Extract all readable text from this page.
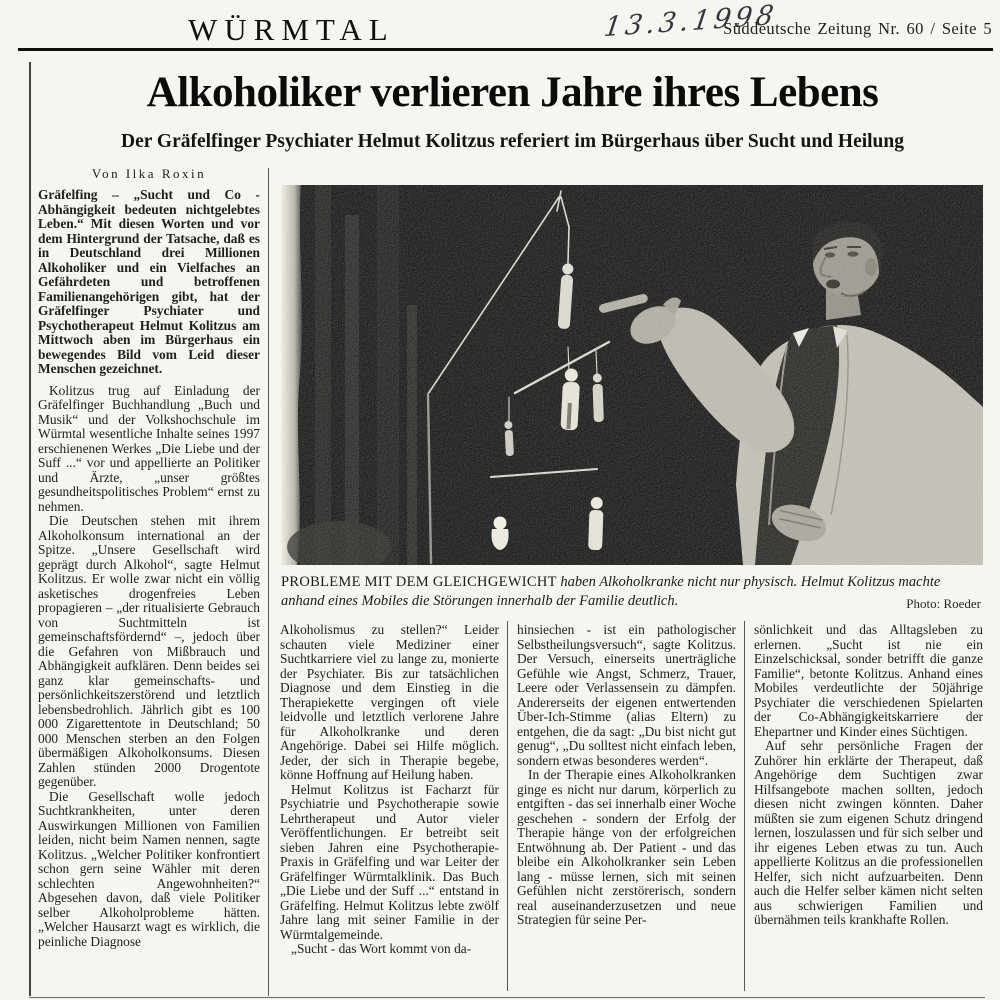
WÜRMTAL	13.3.1998
Süddeutsche Zeitung Nr. 60 / Seite 5
Alkoholiker verlieren Jahre ihres Lebens
Der Gräfelfinger Psychiater Helmut Kolitzus referiert im Bürgerhaus über Sucht und Heilung
Von Ilka Roxin

Gräfelfing – „Sucht und Co - Abhängigkeit bedeuten nichtgelebtes Leben.“ Mit diesen Worten und vor dem Hintergrund der Tatsache, daß es in Deutschland drei Millionen Alkoholiker und ein Vielfaches an Gefährdeten und betroffenen Familienangehörigen gibt, hat der Gräfelfinger Psychiater und Psychotherapeut Helmut Kolitzus am Mittwoch aben im Bürgerhaus ein bewegendes Bild vom Leid dieser Menschen gezeichnet.

Kolitzus trug auf Einladung der Gräfelfinger Buchhandlung „Buch und Musik“ und der Volkshochschule im Würmtal wesentliche Inhalte seines 1997 erschienenen Werkes „Die Liebe und der Suff ...“ vor und appellierte an Politiker und Ärzte, „unser größtes gesundheitspolitisches Problem“ ernst zu nehmen.

Die Deutschen stehen mit ihrem Alkoholkonsum international an der Spitze. „Unsere Gesellschaft wird geprägt durch Alkohol“, sagte Helmut Kolitzus. Er wolle zwar nicht ein völlig asketisches drogenfreies Leben propagieren – „der ritualisierte Gebrauch von Suchtmitteln ist gemeinschaftsfördernd“ –, jedoch über die Gefahren von Mißbrauch und Abhängigkeit aufklären. Denn beides sei ganz klar gemeinschafts- und persönlichkeitszerstörend und letztlich lebensbedrohlich. Jährlich gibt es 100 000 Zigarettentote in Deutschland; 50 000 Menschen sterben an den Folgen übermäßigen Alkoholkonsums. Diesen Zahlen stünden 2000 Drogentote gegenüber.

Die Gesellschaft wolle jedoch Suchtkrankheiten, unter deren Auswirkungen Millionen von Familien leiden, nicht beim Namen nennen, sagte Kolitzus. „Welcher Politiker konfrontiert schon gern seine Wähler mit deren schlechten Angewohnheiten?“ Abgesehen davon, daß viele Politiker selber Alkoholprobleme hätten. „Welcher Hausarzt wagt es wirklich, die peinliche Diagnose

PROBLEME MIT DEM GLEICHGEWICHT haben Alkoholkranke nicht nur physisch. Helmut Kolitzus machte anhand eines Mobiles die Störungen innerhalb der Familie deutlich.	Photo: Roeder

Alkoholismus zu stellen?“ Leider schauten viele Mediziner einer Suchtkarriere viel zu lange zu, monierte der Psychiater. Bis zur tatsächlichen Diagnose und dem Einstieg in die Therapiekette vergingen oft viele leidvolle und letztlich verlorene Jahre für Alkoholkranke und deren Angehörige. Dabei sei Hilfe möglich. Jeder, der sich in Therapie begebe, könne Hoffnung auf Heilung haben.

Helmut Kolitzus ist Facharzt für Psychiatrie und Psychotherapie sowie Lehrtherapeut und Autor vieler Veröffentlichungen. Er betreibt seit sieben Jahren eine Psychotherapie-Praxis in Gräfelfing und war Leiter der Gräfelfinger Würmtalklinik. Das Buch „Die Liebe und der Suff ...“ entstand in Gräfelfing. Helmut Kolitzus lebte zwölf Jahre lang mit seiner Familie in der Würmtalgemeinde.

„Sucht - das Wort kommt von da-

hinsiechen - ist ein pathologischer Selbstheilungsversuch“, sagte Kolitzus. Der Versuch, einerseits unerträgliche Gefühle wie Angst, Schmerz, Trauer, Leere oder Verlassensein zu dämpfen. Andererseits der eigenen entwertenden Über-Ich-Stimme (alias Eltern) zu entgehen, die da sagt: „Du bist nicht gut genug“, „Du solltest nicht einfach leben, sondern etwas besonderes werden“.

In der Therapie eines Alkoholkranken ginge es nicht nur darum, körperlich zu entgiften - das sei innerhalb einer Woche geschehen - sondern der Erfolg der Therapie hänge von der erfolgreichen Entwöhnung ab. Der Patient - und das bleibe ein Alkoholkranker sein Leben lang - müsse lernen, sich mit seinen Gefühlen nicht zerstörerisch, sondern real auseinanderzusetzen und neue Strategien für seine Per-

sönlichkeit und das Alltagsleben zu erlernen. „Sucht ist nie ein Einzelschicksal, sonder betrifft die ganze Familie“, betonte Kolitzus. Anhand eines Mobiles verdeutlichte der 50jährige Psychiater die verschiedenen Spielarten der Co-Abhängigkeitskarriere der Ehepartner und Kinder eines Süchtigen.

Auf sehr persönliche Fragen der Zuhörer hin erklärte der Therapeut, daß Angehörige dem Suchtigen zwar Hilfsangebote machen sollten, jedoch diesen nicht zwingen könnten. Daher müßten sie zum eigenen Schutz dringend lernen, loszulassen und für sich selber und ihr eigenes Leben etwas zu tun. Auch appellierte Kolitzus an die professionellen Helfer, sich nicht aufzuarbeiten. Denn auch die Helfer selber kämen nicht selten aus schwierigen Familien und übernähmen teils krankhafte Rollen.
